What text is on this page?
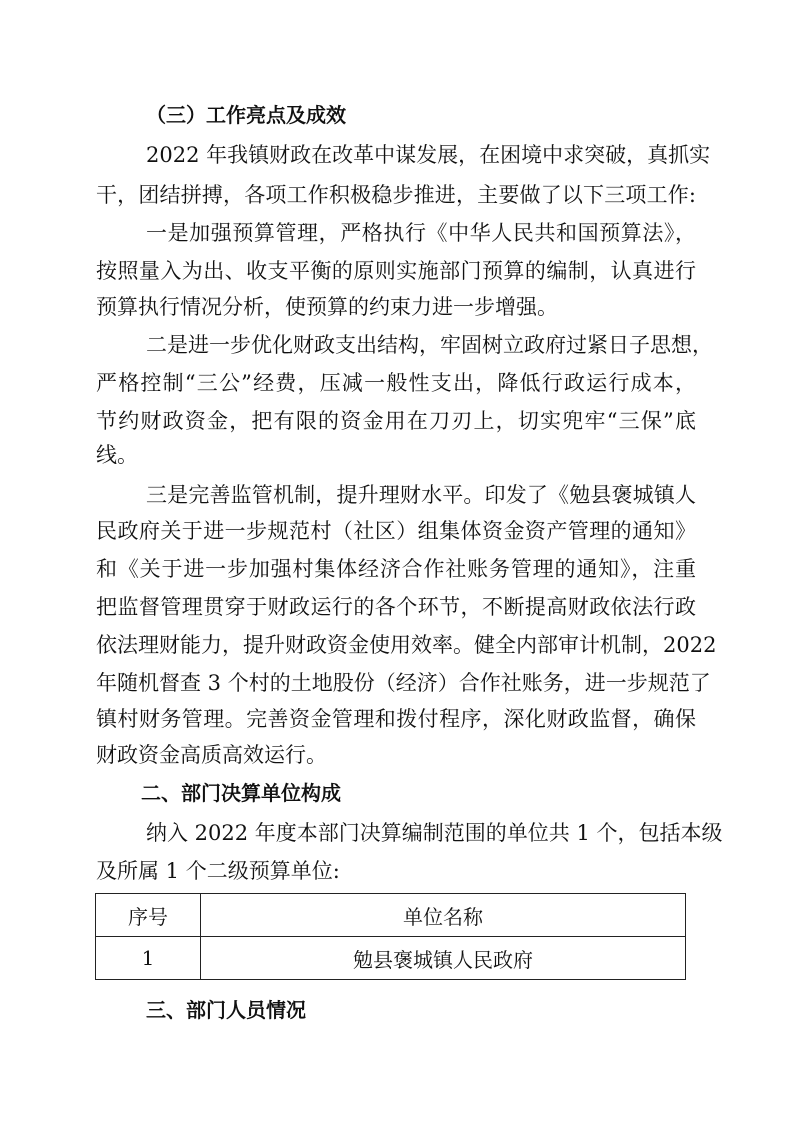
（三）工作亮点及成效
2022 年我镇财政在改革中谋发展，在困境中求突破，真抓实
干，团结拼搏，各项工作积极稳步推进，主要做了以下三项工作:
一是加强预算管理，严格执行《中华人民共和国预算法》，
按照量入为出、收支平衡的原则实施部门预算的编制，认真进行
预算执行情况分析，使预算的约束力进一步增强。
二是进一步优化财政支出结构，牢固树立政府过紧日子思想，
严格控制“三公”经费，压减一般性支出，降低行政运行成本，
节约财政资金，把有限的资金用在刀刃上，切实兜牢“三保”底
线。
三是完善监管机制，提升理财水平。印发了《勉县褒城镇人
民政府关于进一步规范村（社区）组集体资金资产管理的通知》
和《关于进一步加强村集体经济合作社账务管理的通知》，注重
把监督管理贯穿于财政运行的各个环节，不断提高财政依法行政
依法理财能力，提升财政资金使用效率。健全内部审计机制，2022
年随机督查 3 个村的土地股份（经济）合作社账务，进一步规范了
镇村财务管理。完善资金管理和拨付程序，深化财政监督，确保
财政资金高质高效运行。
二、部门决算单位构成
纳入 2022 年度本部门决算编制范围的单位共 1 个，包括本级
及所属 1 个二级预算单位:
序号	单位名称
1	勉县褒城镇人民政府
三、部门人员情况
